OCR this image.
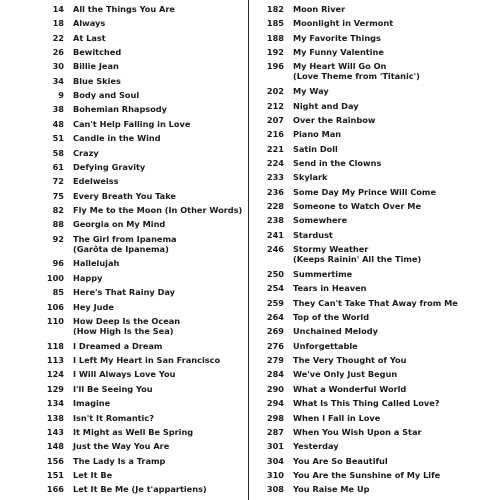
14 All the Things You Are
18 Always
22 At Last
26 Bewitched
30 Billie Jean
34 Blue Skies
9 Body and Soul
38 Bohemian Rhapsody
48 Can't Help Falling in Love
51 Candle in the Wind
58 Crazy
61 Defying Gravity
72 Edelweiss
75 Every Breath You Take
82 Fly Me to the Moon (In Other Words)
88 Georgia on My Mind
92 The Girl from Ipanema
(Garôta de Ipanema)
96 Hallelujah
100 Happy
85 Here's That Rainy Day
106 Hey Jude
110 How Deep Is the Ocean
(How High Is the Sea)
118 I Dreamed a Dream
113 I Left My Heart in San Francisco
124 I Will Always Love You
129 I'll Be Seeing You
134 Imagine
138 Isn't It Romantic?
143 It Might as Well Be Spring
148 Just the Way You Are
156 The Lady Is a Tramp
151 Let It Be
166 Let It Be Me (Je t'appartiens)
182 Moon River
185 Moonlight in Vermont
188 My Favorite Things
192 My Funny Valentine
196 My Heart Will Go On
(Love Theme from 'Titanic')
202 My Way
212 Night and Day
207 Over the Rainbow
216 Piano Man
221 Satin Doll
224 Send in the Clowns
233 Skylark
236 Some Day My Prince Will Come
228 Someone to Watch Over Me
238 Somewhere
241 Stardust
246 Stormy Weather
(Keeps Rainin' All the Time)
250 Summertime
254 Tears in Heaven
259 They Can't Take That Away from Me
264 Top of the World
269 Unchained Melody
276 Unforgettable
279 The Very Thought of You
284 We've Only Just Begun
290 What a Wonderful World
294 What Is This Thing Called Love?
298 When I Fall in Love
287 When You Wish Upon a Star
301 Yesterday
304 You Are So Beautiful
310 You Are the Sunshine of My Life
308 You Raise Me Up
